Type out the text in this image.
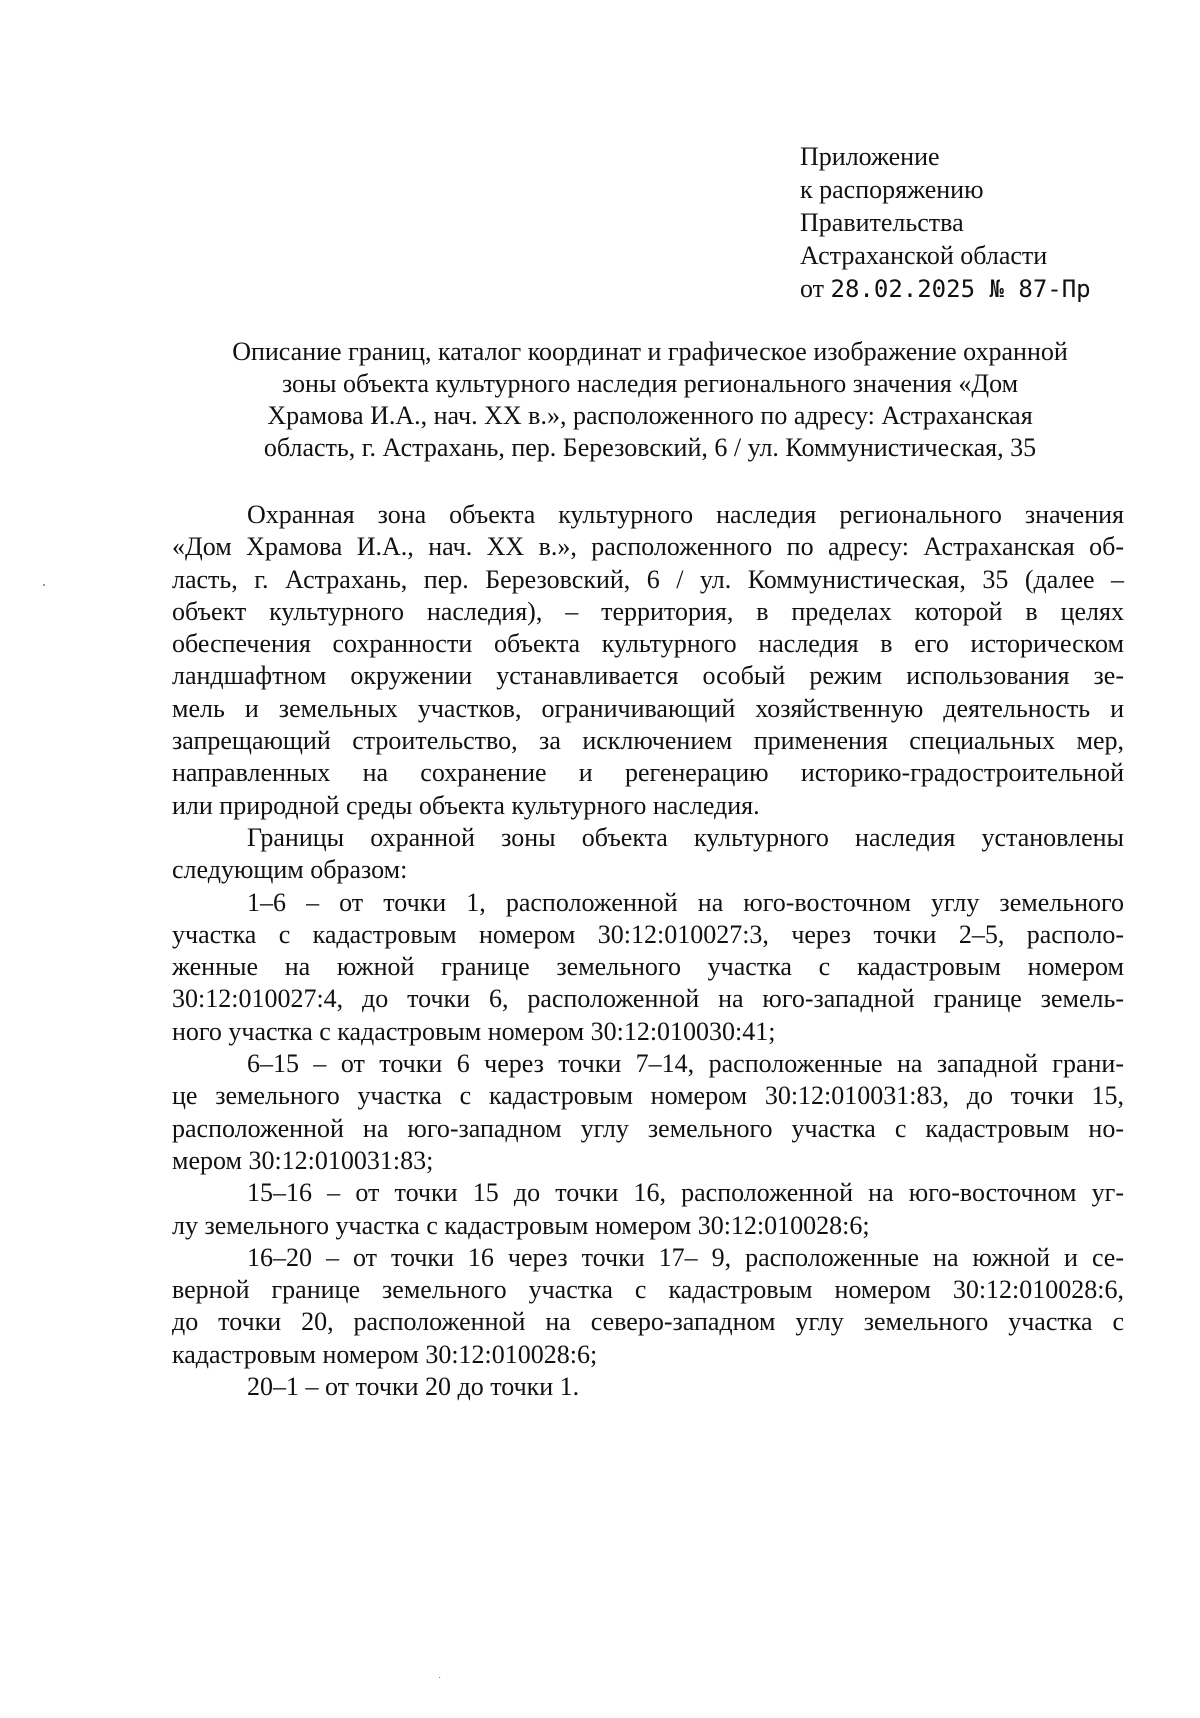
Приложение
к распоряжению
Правительства
Астраханской области
от 28.02.2025 № 87-Пр
Описание границ, каталог координат и графическое изображение охранной
зоны объекта культурного наследия регионального значения «Дом
Храмова И.А., нач. XX в.», расположенного по адресу: Астраханская
область, г. Астрахань, пер. Березовский, 6 / ул. Коммунистическая, 35
Охранная зона объекта культурного наследия регионального значения
«Дом Храмова И.А., нач. XX в.», расположенного по адресу: Астраханская об-
ласть, г. Астрахань, пер. Березовский, 6 / ул. Коммунистическая, 35 (далее –
объект культурного наследия), – территория, в пределах которой в целях
обеспечения сохранности объекта культурного наследия в его историческом
ландшафтном окружении устанавливается особый режим использования зе-
мель и земельных участков, ограничивающий хозяйственную деятельность и
запрещающий строительство, за исключением применения специальных мер,
направленных на сохранение и регенерацию историко-градостроительной
или природной среды объекта культурного наследия.
Границы охранной зоны объекта культурного наследия установлены
следующим образом:
1–6 – от точки 1, расположенной на юго-восточном углу земельного
участка с кадастровым номером 30:12:010027:3, через точки 2–5, располо-
женные на южной границе земельного участка с кадастровым номером
30:12:010027:4, до точки 6, расположенной на юго-западной границе земель-
ного участка с кадастровым номером 30:12:010030:41;
6–15 – от точки 6 через точки 7–14, расположенные на западной грани-
це земельного участка с кадастровым номером 30:12:010031:83, до точки 15,
расположенной на юго-западном углу земельного участка с кадастровым но-
мером 30:12:010031:83;
15–16 – от точки 15 до точки 16, расположенной на юго-восточном уг-
лу земельного участка с кадастровым номером 30:12:010028:6;
16–20 – от точки 16 через точки 17– 9, расположенные на южной и се-
верной границе земельного участка с кадастровым номером 30:12:010028:6,
до точки 20, расположенной на северо-западном углу земельного участка с
кадастровым номером 30:12:010028:6;
20–1 – от точки 20 до точки 1.
˙
